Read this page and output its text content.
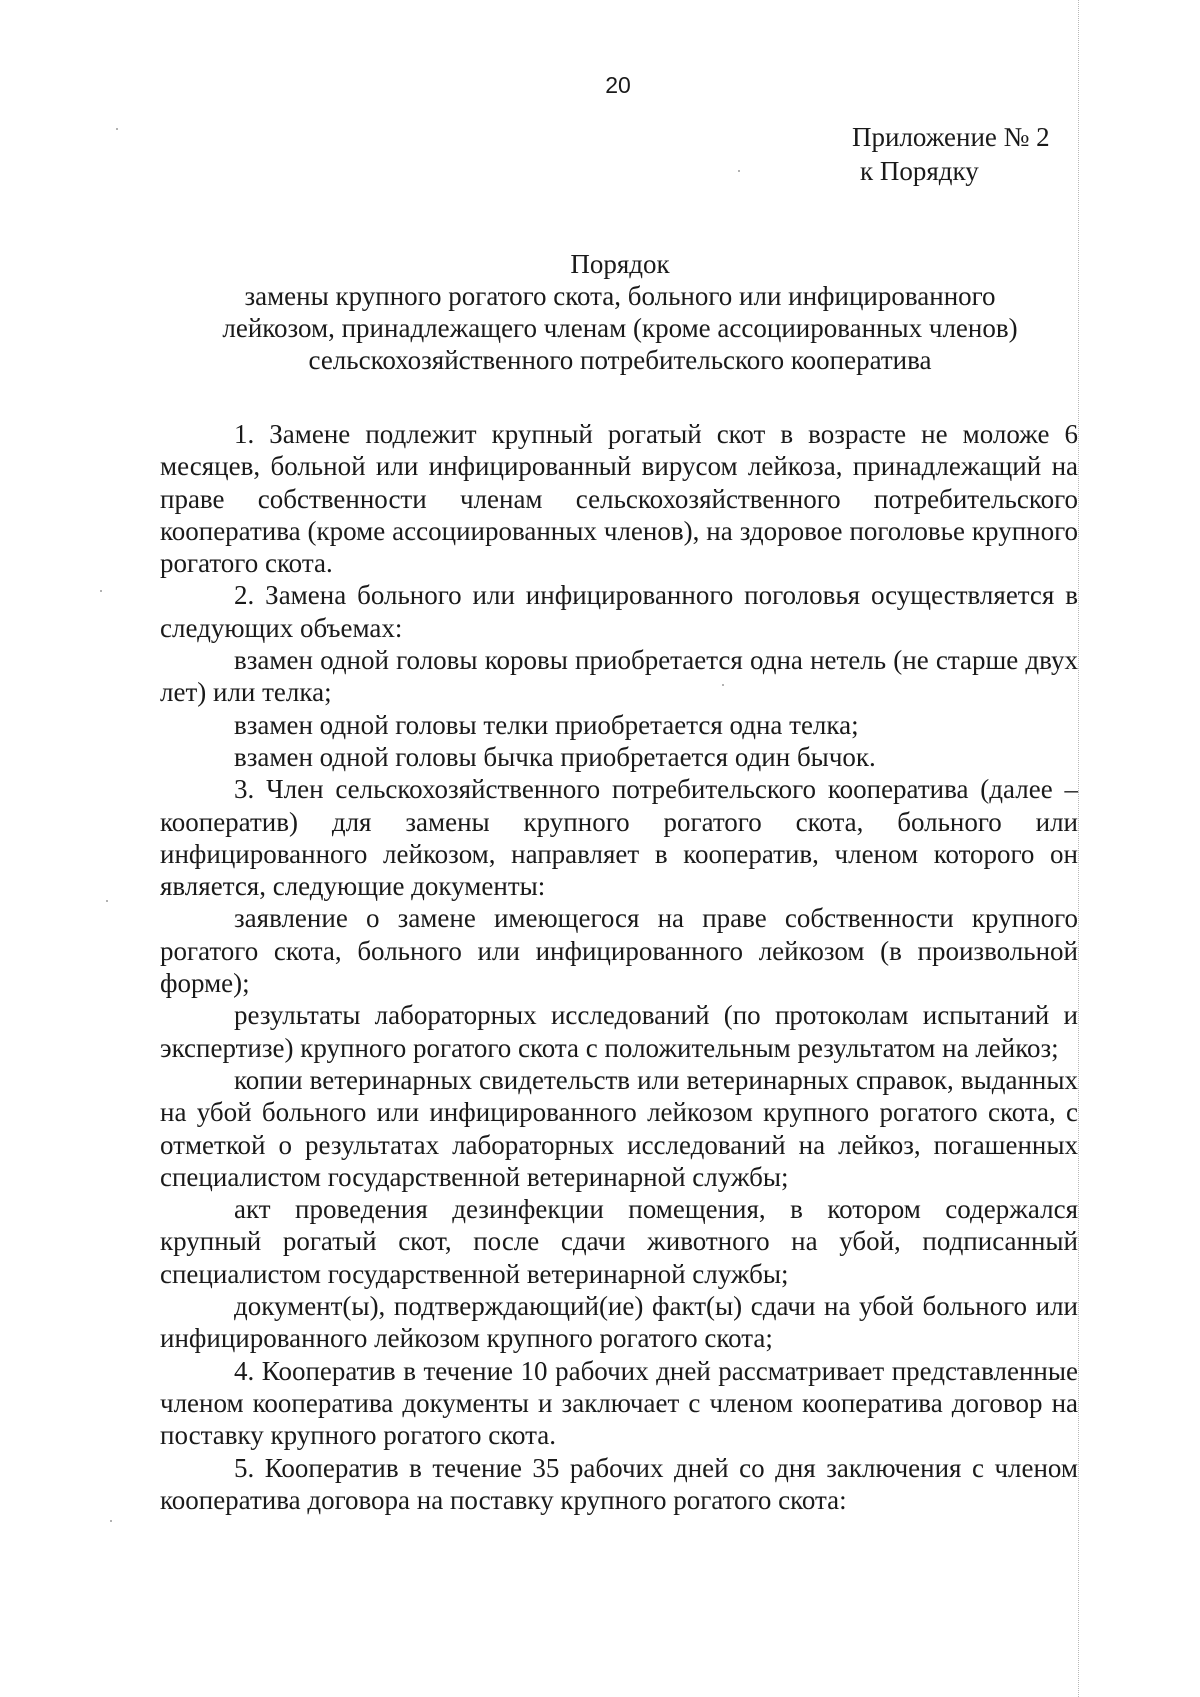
20
Приложение № 2
к Порядку
Порядок
замены крупного рогатого скота, больного или инфицированного
лейкозом, принадлежащего членам (кроме ассоциированных членов)
сельскохозяйственного потребительского кооператива

1. Замене подлежит крупный рогатый скот в возрасте не моложе 6 месяцев, больной или инфицированный вирусом лейкоза, принадлежащий на праве собственности членам сельскохозяйственного потребительского кооператива (кроме ассоциированных членов), на здоровое поголовье крупного рогатого скота.

2. Замена больного или инфицированного поголовья осуществляется в следующих объемах:

взамен одной головы коровы приобретается одна нетель (не старше двух лет) или телка;

взамен одной головы телки приобретается одна телка;

взамен одной головы бычка приобретается один бычок.

3. Член сельскохозяйственного потребительского кооператива (далее – кооператив) для замены крупного рогатого скота, больного или инфицированного лейкозом, направляет в кооператив, членом которого он является, следующие документы:

заявление о замене имеющегося на праве собственности крупного рогатого скота, больного или инфицированного лейкозом (в произвольной форме);

результаты лабораторных исследований (по протоколам испытаний и экспертизе) крупного рогатого скота с положительным результатом на лейкоз;

копии ветеринарных свидетельств или ветеринарных справок, выданных на убой больного или инфицированного лейкозом крупного рогатого скота, с отметкой о результатах лабораторных исследований на лейкоз, погашенных специалистом государственной ветеринарной службы;

акт проведения дезинфекции помещения, в котором содержался крупный рогатый скот, после сдачи животного на убой, подписанный специалистом государственной ветеринарной службы;

документ(ы), подтверждающий(ие) факт(ы) сдачи на убой больного или инфицированного лейкозом крупного рогатого скота;

4. Кооператив в течение 10 рабочих дней рассматривает представленные членом кооператива документы и заключает с членом кооператива договор на поставку крупного рогатого скота.

5. Кооператив в течение 35 рабочих дней со дня заключения с членом кооператива договора на поставку крупного рогатого скота:
